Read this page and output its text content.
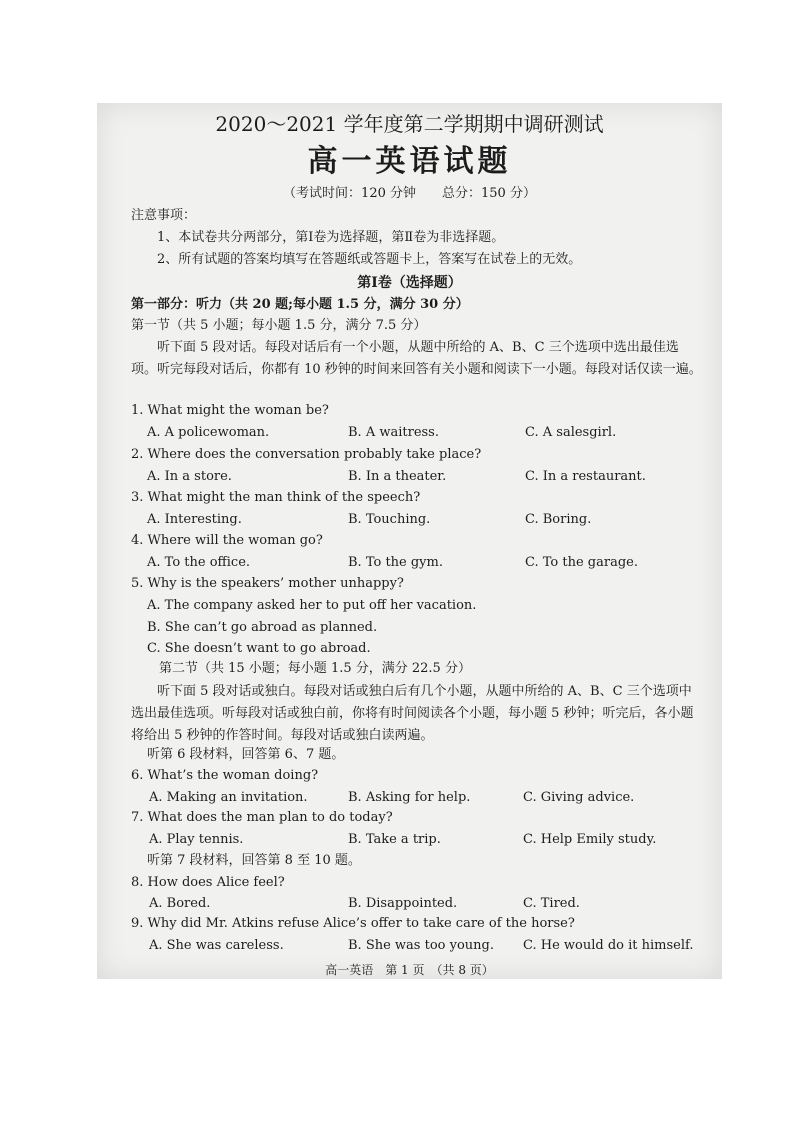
2020～2021 学年度第二学期期中调研测试
高一英语试题
（考试时间：120 分钟　　总分：150 分）
注意事项：
1、本试卷共分两部分，第Ⅰ卷为选择题，第Ⅱ卷为非选择题。
2、所有试题的答案均填写在答题纸或答题卡上，答案写在试卷上的无效。
第Ⅰ卷（选择题）
第一部分：听力（共 20 题;每小题 1.5 分，满分 30 分）
第一节（共 5 小题；每小题 1.5 分，满分 7.5 分）
听下面 5 段对话。每段对话后有一个小题，从题中所给的 A、B、C 三个选项中选出最佳选项。听完每段对话后，你都有 10 秒钟的时间来回答有关小题和阅读下一小题。每段对话仅读一遍。
1. What might the woman be?
A. A policewoman.	B. A waitress.	C. A salesgirl.
2. Where does the conversation probably take place?
A. In a store.	B. In a theater.	C. In a restaurant.
3. What might the man think of the speech?
A. Interesting.	B. Touching.	C. Boring.
4. Where will the woman go?
A. To the office.	B. To the gym.	C. To the garage.
5. Why is the speakers’ mother unhappy?
A. The company asked her to put off her vacation.
B. She can’t go abroad as planned.
C. She doesn’t want to go abroad.
第二节（共 15 小题；每小题 1.5 分，满分 22.5 分）
听下面 5 段对话或独白。每段对话或独白后有几个小题，从题中所给的 A、B、C 三个选项中选出最佳选项。听每段对话或独白前，你将有时间阅读各个小题，每小题 5 秒钟；听完后，各小题将给出 5 秒钟的作答时间。每段对话或独白读两遍。
听第 6 段材料，回答第 6、7 题。
6. What’s the woman doing?
A. Making an invitation.	B. Asking for help.	C. Giving advice.
7. What does the man plan to do today?
A. Play tennis.	B. Take a trip.	C. Help Emily study.
听第 7 段材料，回答第 8 至 10 题。
8. How does Alice feel?
A. Bored.	B. Disappointed.	C. Tired.
9. Why did Mr. Atkins refuse Alice’s offer to take care of the horse?
A. She was careless.	B. She was too young. C. He would do it himself.
高一英语　第 1 页　（共 8 页）
